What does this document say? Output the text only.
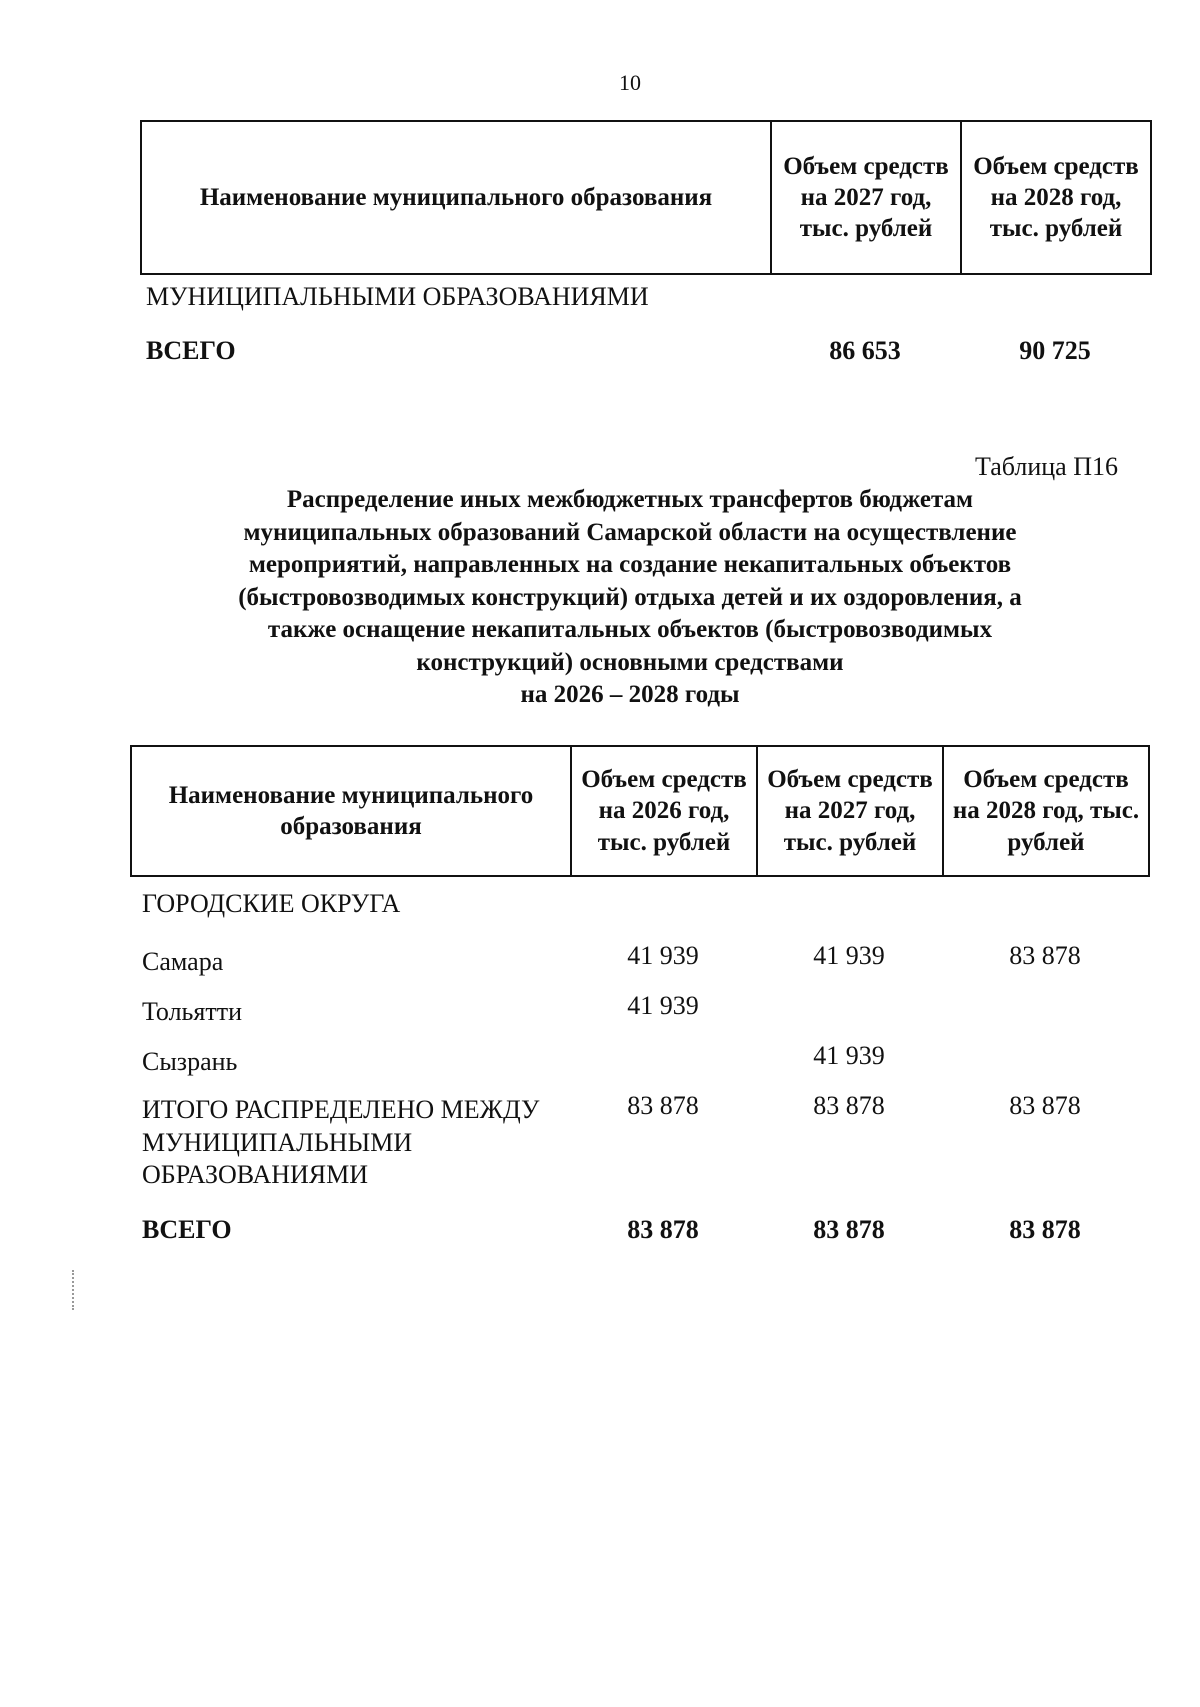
10
Наименование муниципального образования	Объем средств на 2027 год, тыс. рублей	Объем средств на 2028 год, тыс. рублей
МУНИЦИПАЛЬНЫМИ ОБРАЗОВАНИЯМИ		
ВСЕГО	86 653	90 725
Таблица П16
Распределение иных межбюджетных трансфертов бюджетам
муниципальных образований Самарской области на осуществление
мероприятий, направленных на создание некапитальных объектов
(быстровозводимых конструкций) отдыха детей и их оздоровления, а
также оснащение некапитальных объектов (быстровозводимых
конструкций) основными средствами
на 2026 – 2028 годы
Наименование муниципального образования	Объем средств на 2026 год, тыс. рублей	Объем средств на 2027 год, тыс. рублей	Объем средств на 2028 год, тыс. рублей
ГОРОДСКИЕ ОКРУГА			
Самара	41 939	41 939	83 878
Тольятти	41 939		
Сызрань		41 939	
ИТОГО РАСПРЕДЕЛЕНО МЕЖДУ МУНИЦИПАЛЬНЫМИ ОБРАЗОВАНИЯМИ	83 878	83 878	83 878
ВСЕГО	83 878	83 878	83 878
